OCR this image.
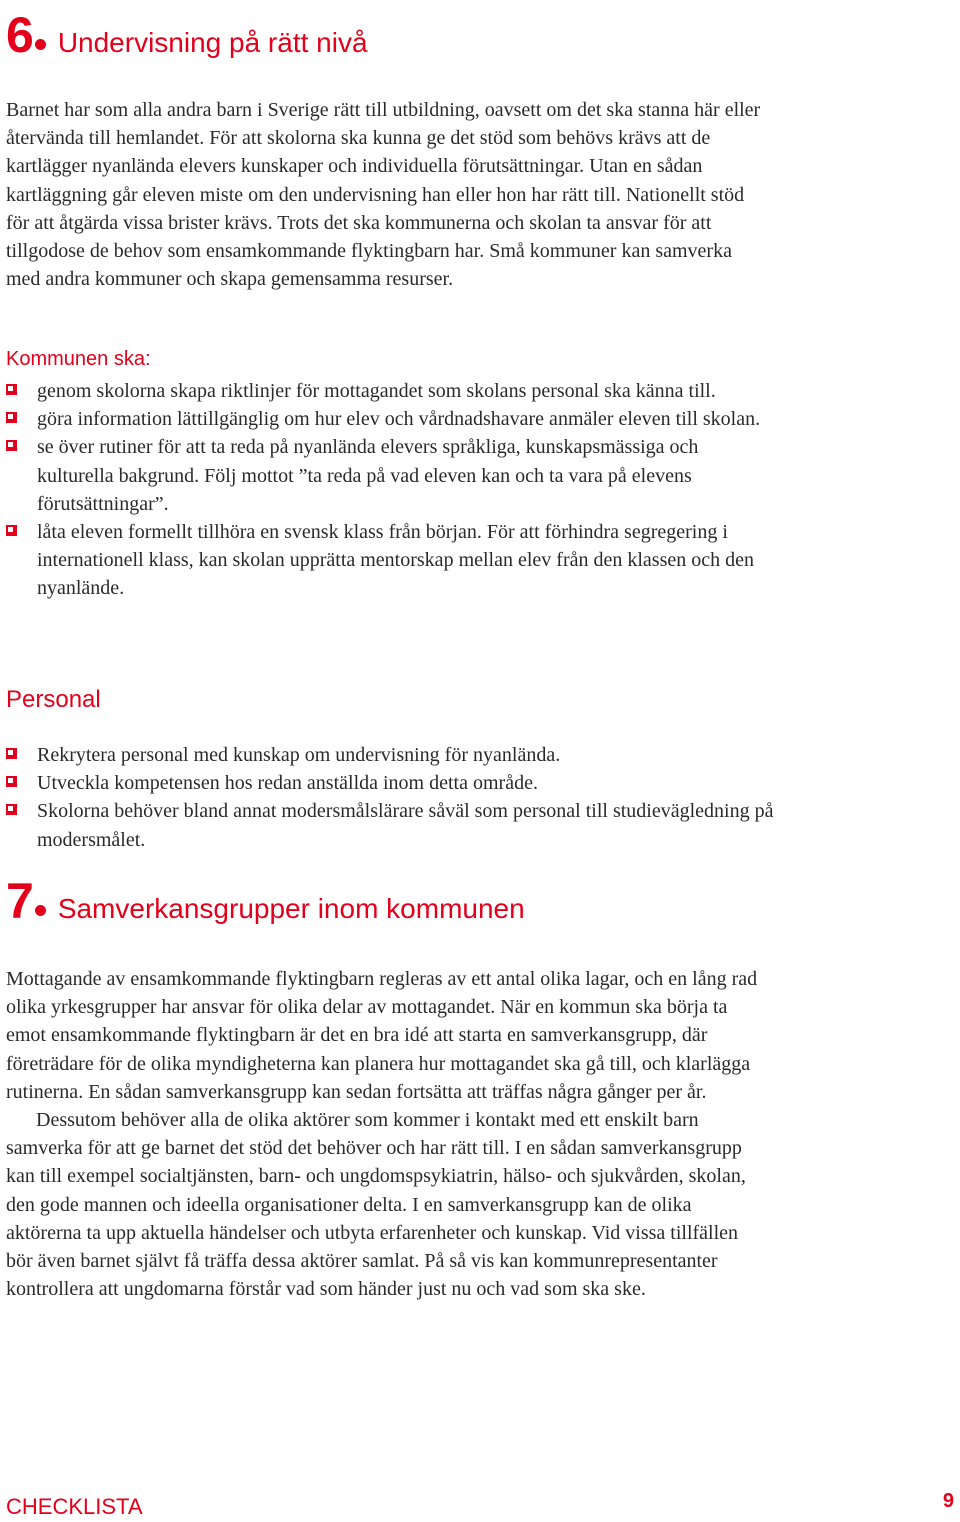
6 Undervisning på rätt nivå

Barnet har som alla andra barn i Sverige rätt till utbildning, oavsett om det ska stanna här eller återvända till hemlandet. För att skolorna ska kunna ge det stöd som behövs krävs att de kartlägger nyanlända elevers kunskaper och individuella förutsättningar. Utan en sådan kartläggning går eleven miste om den undervisning han eller hon har rätt till. Nationellt stöd för att åtgärda vissa brister krävs. Trots det ska kommunerna och skolan ta ansvar för att tillgodose de behov som ensamkommande flyktingbarn har. Små kommuner kan samverka med andra kommuner och skapa gemensamma resurser.

Kommunen ska:
genom skolorna skapa riktlinjer för mottagandet som skolans personal ska känna till.
göra information lättillgänglig om hur elev och vårdnadshavare anmäler eleven till skolan.
se över rutiner för att ta reda på nyanlända elevers språkliga, kunskapsmässiga och kulturella bakgrund. Följ mottot ”ta reda på vad eleven kan och ta vara på elevens förutsättningar”.
låta eleven formellt tillhöra en svensk klass från början. För att förhindra segregering i internationell klass, kan skolan upprätta mentorskap mellan elev från den klassen och den nyanlände.
Personal
Rekrytera personal med kunskap om undervisning för nyanlända.
Utveckla kompetensen hos redan anställda inom detta område.
Skolorna behöver bland annat modersmålslärare såväl som personal till studievägledning på modersmålet.
7 Samverkansgrupper inom kommunen

Mottagande av ensamkommande flyktingbarn regleras av ett antal olika lagar, och en lång rad olika yrkesgrupper har ansvar för olika delar av mottagandet. När en kommun ska börja ta emot ensamkommande flyktingbarn är det en bra idé att starta en samverkansgrupp, där företrädare för de olika myndigheterna kan planera hur mottagandet ska gå till, och klarlägga rutinerna. En sådan samverkansgrupp kan sedan fortsätta att träffas några gånger per år.

Dessutom behöver alla de olika aktörer som kommer i kontakt med ett enskilt barn samverka för att ge barnet det stöd det behöver och har rätt till. I en sådan samverkansgrupp kan till exempel socialtjänsten, barn- och ungdomspsykiatrin, hälso- och sjukvården, skolan, den gode mannen och ideella organisationer delta. I en samverkansgrupp kan de olika aktörerna ta upp aktuella händelser och utbyta erfarenheter och kunskap. Vid vissa tillfällen bör även barnet självt få träffa dessa aktörer samlat. På så vis kan kommunrepresentanter kontrollera att ungdomarna förstår vad som händer just nu och vad som ska ske.

CHECKLISTA	9
